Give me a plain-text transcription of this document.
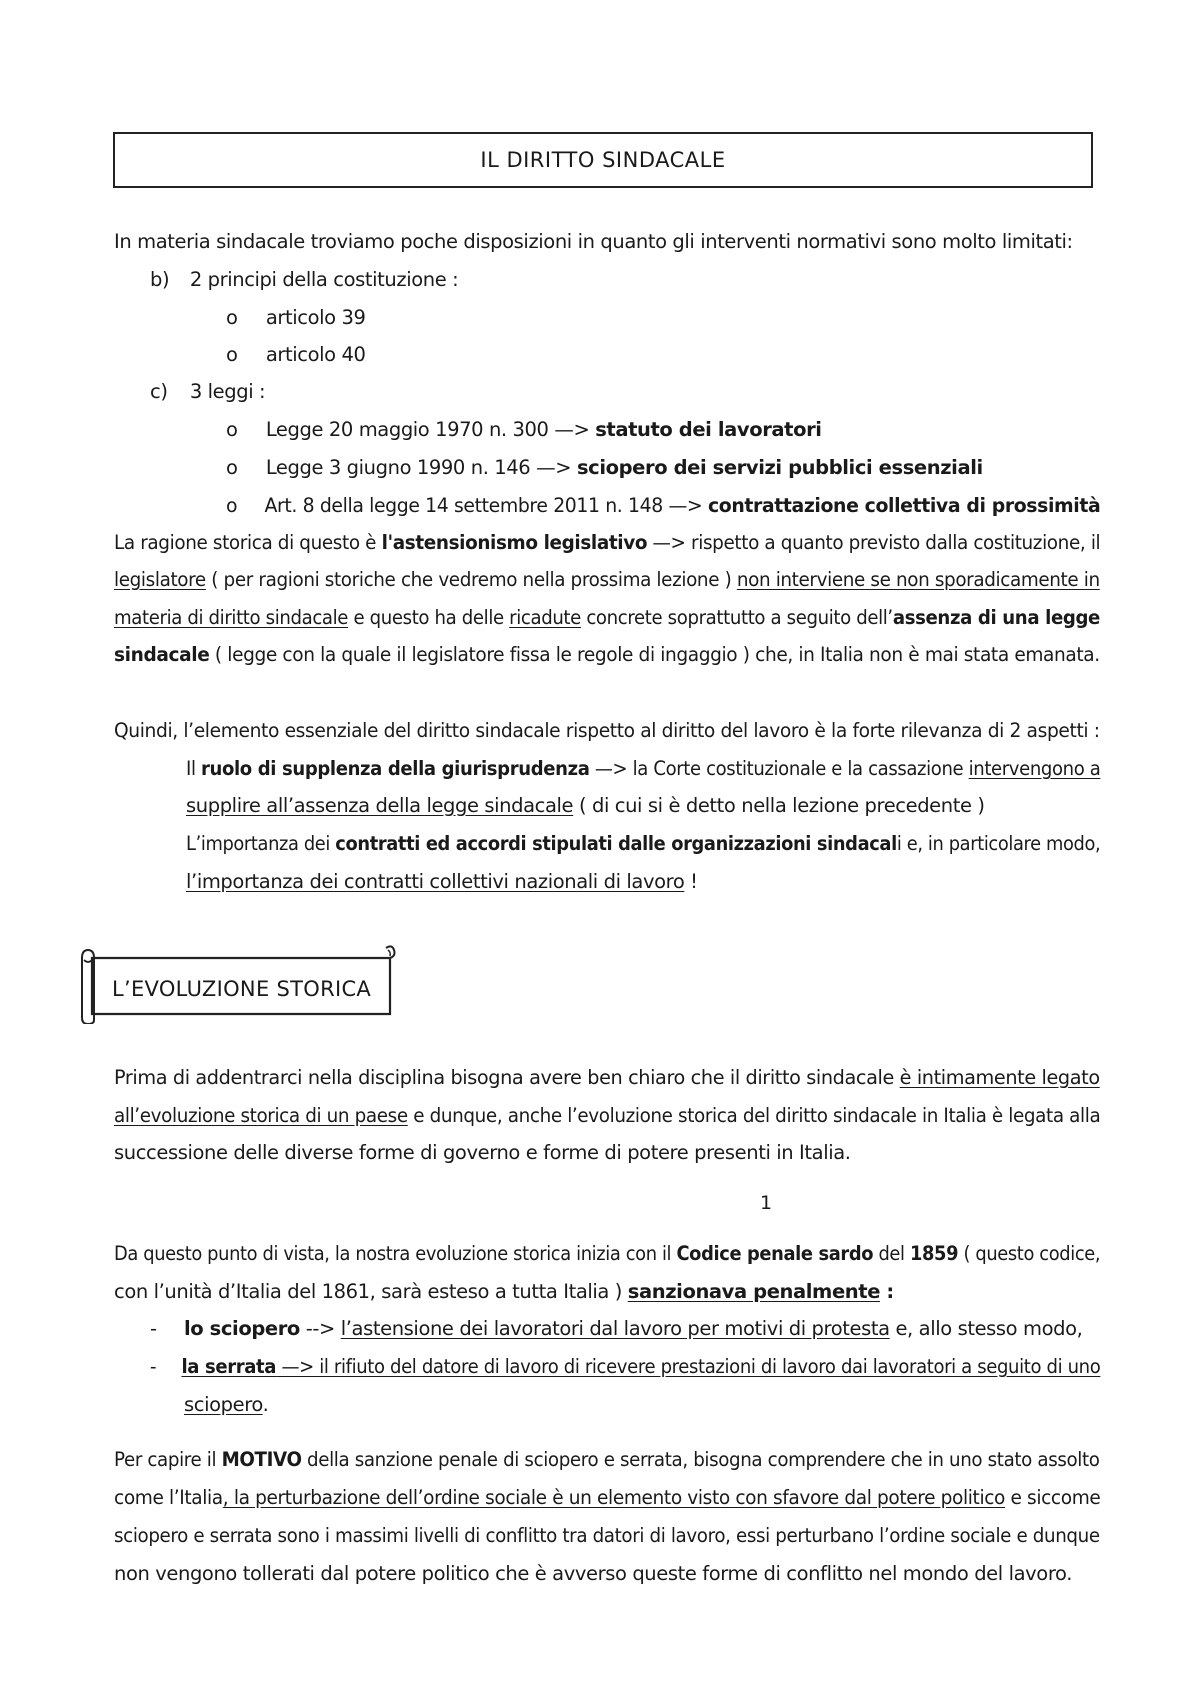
IL DIRITTO SINDACALE
In materia sindacale troviamo poche disposizioni in quanto gli interventi normativi sono molto limitati:
b) 2 principi della costituzione :
o articolo 39
o articolo 40
c) 3 leggi :
o Legge 20 maggio 1970 n. 300 —> statuto dei lavoratori
o Legge 3 giugno 1990 n. 146 —> sciopero dei servizi pubblici essenziali
o Art. 8 della legge 14 settembre 2011 n. 148 —> contrattazione collettiva di prossimità
La ragione storica di questo è l'astensionismo legislativo —> rispetto a quanto previsto dalla costituzione, il
legislatore ( per ragioni storiche che vedremo nella prossima lezione ) non interviene se non sporadicamente in
materia di diritto sindacale e questo ha delle ricadute concrete soprattutto a seguito dell’assenza di una legge
sindacale ( legge con la quale il legislatore fissa le regole di ingaggio ) che, in Italia non è mai stata emanata.
Quindi, l’elemento essenziale del diritto sindacale rispetto al diritto del lavoro è la forte rilevanza di 2 aspetti :
Il ruolo di supplenza della giurisprudenza —> la Corte costituzionale e la cassazione intervengono a
supplire all’assenza della legge sindacale ( di cui si è detto nella lezione precedente )
L’importanza dei contratti ed accordi stipulati dalle organizzazioni sindacali e, in particolare modo,
l’importanza dei contratti collettivi nazionali di lavoro !
L’EVOLUZIONE STORICA
Prima di addentrarci nella disciplina bisogna avere ben chiaro che il diritto sindacale è intimamente legato
all’evoluzione storica di un paese e dunque, anche l’evoluzione storica del diritto sindacale in Italia è legata alla
successione delle diverse forme di governo e forme di potere presenti in Italia.
1
Da questo punto di vista, la nostra evoluzione storica inizia con il Codice penale sardo del 1859 ( questo codice,
con l’unità d’Italia del 1861, sarà esteso a tutta Italia ) sanzionava penalmente :
- lo sciopero --> l’astensione dei lavoratori dal lavoro per motivi di protesta e, allo stesso modo,
- la serrata —> il rifiuto del datore di lavoro di ricevere prestazioni di lavoro dai lavoratori a seguito di uno
sciopero.
Per capire il MOTIVO della sanzione penale di sciopero e serrata, bisogna comprendere che in uno stato assolto
come l’Italia, la perturbazione dell’ordine sociale è un elemento visto con sfavore dal potere politico e siccome
sciopero e serrata sono i massimi livelli di conflitto tra datori di lavoro, essi perturbano l’ordine sociale e dunque
non vengono tollerati dal potere politico che è avverso queste forme di conflitto nel mondo del lavoro.
